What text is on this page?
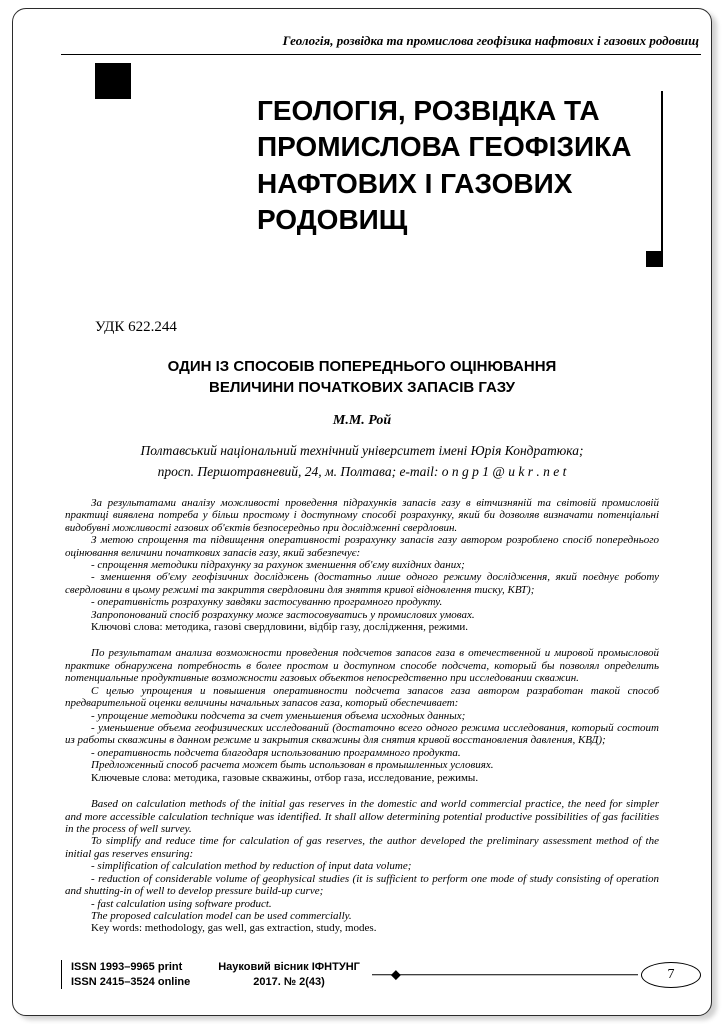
Геологія, розвідка та промислова геофізика нафтових і газових родовищ
ГЕОЛОГІЯ, РОЗВІДКА ТА ПРОМИСЛОВА ГЕОФІЗИКА НАФТОВИХ І ГАЗОВИХ РОДОВИЩ
УДК 622.244
ОДИН ІЗ СПОСОБІВ ПОПЕРЕДНЬОГО ОЦІНЮВАННЯ
ВЕЛИЧИНИ ПОЧАТКОВИХ ЗАПАСІВ ГАЗУ
М.М. Рой
Полтавський національний технічний університет імені Юрія Кондратюка;
просп. Першотравневий, 24, м. Полтава; e-mail: o n g p 1 @ u k r . n e t

За результатами аналізу можливості проведення підрахунків запасів газу в вітчизняній та світовій промисловій практиці виявлена потреба у більш простому і доступному способі розрахунку, який би дозволяв визначати потенціальні видобувні можливості газових об'єктів безпосередньо при дослідженні свердловин.

З метою спрощення та підвищення оперативності розрахунку запасів газу автором розроблено спосіб попереднього оцінювання величини початкових запасів газу, який забезпечує:

- спрощення методики підрахунку за рахунок зменшення об'єму вихідних даних;

- зменшення об'єму геофізичних досліджень (достатньо лише одного режиму дослідження, який поєднує роботу свердловини в цьому режимі та закриття свердловини для зняття кривої відновлення тиску, КВТ);

- оперативність розрахунку завдяки застосуванню програмного продукту.

Запропонований спосіб розрахунку може застосовуватись у промислових умовах.

Ключові слова: методика, газові свердловини, відбір газу, дослідження, режими.

По результатам анализа возможности проведения подсчетов запасов газа в отечественной и мировой промысловой практике обнаружена потребность в более простом и доступном способе подсчета, который бы позволял определить потенциальные продуктивные возможности газовых объектов непосредственно при исследовании скважин.

С целью упрощения и повышения оперативности подсчета запасов газа автором разработан такой способ предварительной оценки величины начальных запасов газа, который обеспечивает:

- упрощение методики подсчета за счет уменьшения объема исходных данных;

- уменьшение объема геофизических исследований (достаточно всего одного режима исследования, который состоит из работы скважины в данном режиме и закрытия скважины для снятия кривой восстановления давления, КВД);

- оперативность подсчета благодаря использованию программного продукта.

Предложенный способ расчета может быть использован в промышленных условиях.

Ключевые слова: методика, газовые скважины, отбор газа, исследование, режимы.

Based on calculation methods of the initial gas reserves in the domestic and world commercial practice, the need for simpler and more accessible calculation technique was identified. It shall allow determining potential productive possibilities of gas facilities in the process of well survey.

To simplify and reduce time for calculation of gas reserves, the author developed the preliminary assessment method of the initial gas reserves ensuring:

- simplification of calculation method by reduction of input data volume;

- reduction of considerable volume of geophysical studies (it is sufficient to perform one mode of study consisting of operation and shutting-in of well to develop pressure build-up curve;

- fast calculation using software product.

The proposed calculation model can be used commercially.

Key words: methodology, gas well, gas extraction, study, modes.

ISSN 1993–9965 print
ISSN 2415–3524 online
Науковий вісник ІФНТУНГ
2017. № 2(43)	◆	7
